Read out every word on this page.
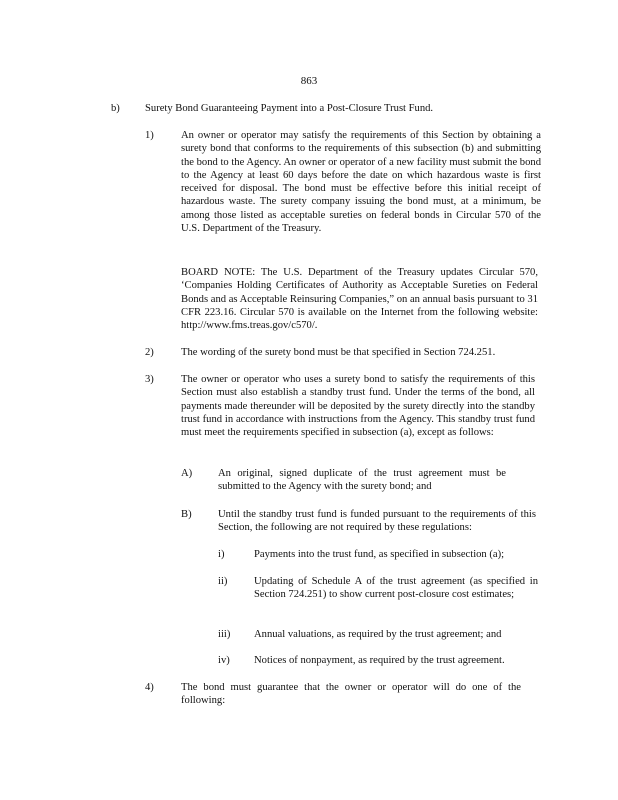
863
b) Surety Bond Guaranteeing Payment into a Post-Closure Trust Fund.
1)	An owner or operator may satisfy the requirements of this Section by obtaining a surety bond that conforms to the requirements of this subsection (b) and submitting the bond to the Agency. An owner or operator of a new facility must submit the bond to the Agency at least 60 days before the date on which hazardous waste is first received for disposal. The bond must be effective before this initial receipt of hazardous waste. The surety company issuing the bond must, at a minimum, be among those listed as acceptable sureties on federal bonds in Circular 570 of the U.S. Department of the Treasury.
BOARD NOTE: The U.S. Department of the Treasury updates Circular 570, ‘Companies Holding Certificates of Authority as Acceptable Sureties on Federal Bonds and as Acceptable Reinsuring Companies,” on an annual basis pursuant to 31 CFR 223.16. Circular 570 is available on the Internet from the following website: http://www.fms.treas.gov/c570/.
2)	The wording of the surety bond must be that specified in Section 724.251.
3)	The owner or operator who uses a surety bond to satisfy the requirements of this Section must also establish a standby trust fund. Under the terms of the bond, all payments made thereunder will be deposited by the surety directly into the standby trust fund in accordance with instructions from the Agency. This standby trust fund must meet the requirements specified in subsection (a), except as follows:
A) An original, signed duplicate of the trust agreement must be submitted to the Agency with the surety bond; and
B) Until the standby trust fund is funded pursuant to the requirements of this Section, the following are not required by these regulations:
i)	Payments into the trust fund, as specified in subsection (a);
ii)	Updating of Schedule A of the trust agreement (as specified in Section 724.251) to show current post-closure cost estimates;
iii) Annual valuations, as required by the trust agreement; and
iv) Notices of nonpayment, as required by the trust agreement.
4)	The bond must guarantee that the owner or operator will do one of the following:
